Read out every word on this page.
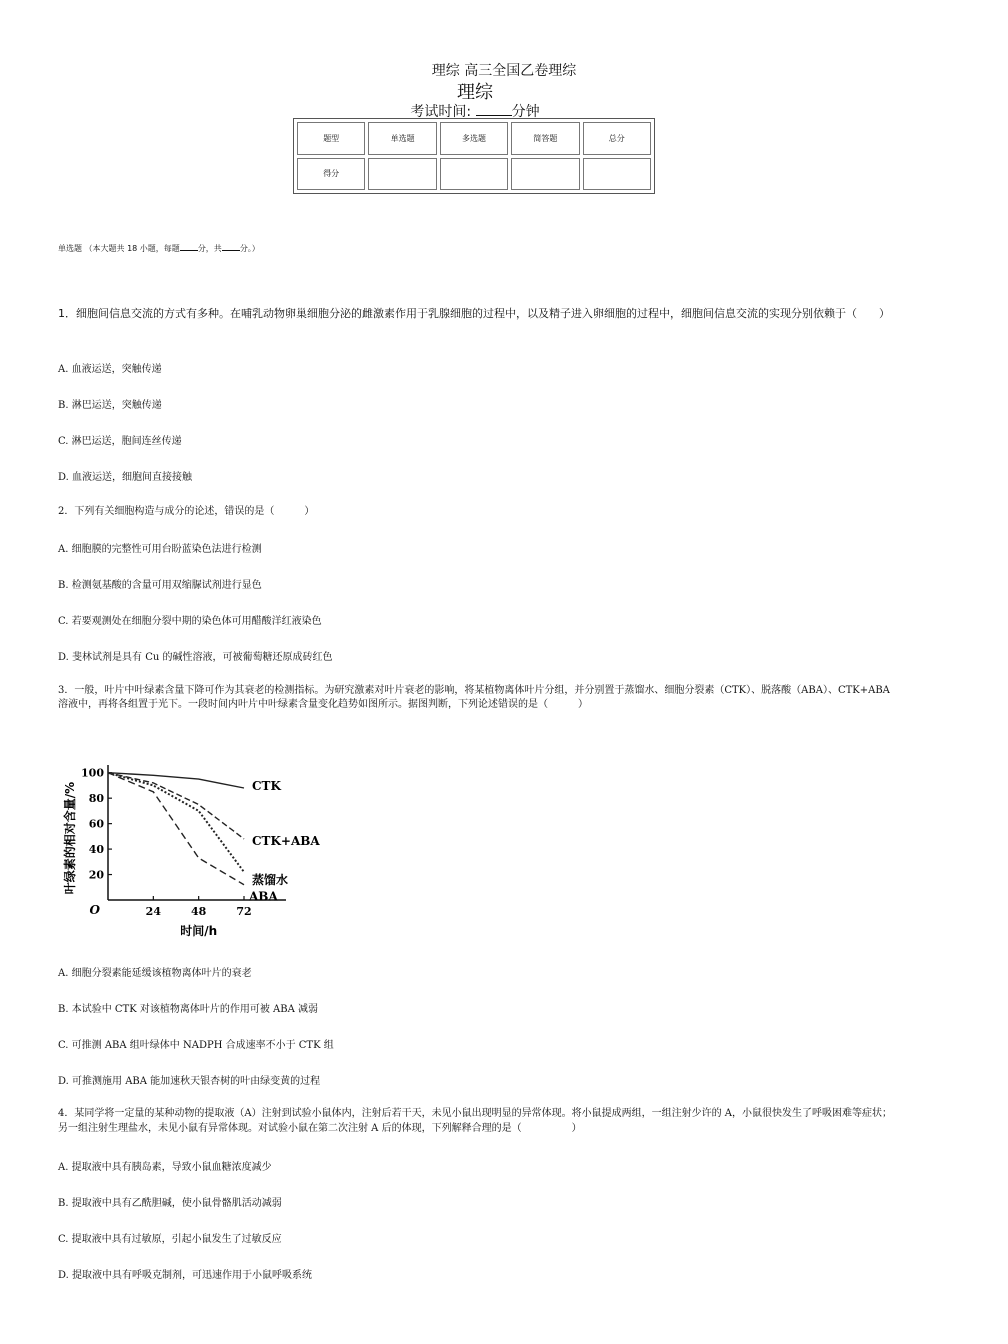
理综 高三全国乙卷理综
理综
考试时间:	分钟
题型	单选题	多选题	简答题	总分
得分				
单选题 （本大题共 18 小题，每题 分，共 分。）
1．细胞间信息交流的方式有多种。在哺乳动物卵巢细胞分泌的雌激素作用于乳腺细胞的过程中，以及精子进入卵细胞的过程中，细胞间信息交流的实现分别依赖于（　　）
A. 血液运送，突触传递
B. 淋巴运送，突触传递
C. 淋巴运送，胞间连丝传递
D. 血液运送，细胞间直接接触
2．下列有关细胞构造与成分的论述，错误的是（　　　）
A. 细胞膜的完整性可用台盼蓝染色法进行检测
B. 检测氨基酸的含量可用双缩脲试剂进行显色
C. 若要观测处在细胞分裂中期的染色体可用醋酸洋红液染色
D. 斐林试剂是具有 Cu 的碱性溶液，可被葡萄糖还原成砖红色
3．一般，叶片中叶绿素含量下降可作为其衰老的检测指标。为研究激素对叶片衰老的影响，将某植物离体叶片分组，并分别置于蒸馏水、细胞分裂素（CTK）、脱落酸（ABA）、CTK+ABA 溶液中，再将各组置于光下。一段时间内叶片中叶绿素含量变化趋势如图所示。据图判断，下列论述错误的是（　　　）
20
40
60
80
100
24	48	72
O
时间/h
叶绿素的相对含量/%	CTK
CTK+ABA
蒸馏水
ABA
A. 细胞分裂素能延缓该植物离体叶片的衰老
B. 本试验中 CTK 对该植物离体叶片的作用可被 ABA 减弱
C. 可推测 ABA 组叶绿体中 NADPH 合成速率不小于 CTK 组
D. 可推测施用 ABA 能加速秋天银杏树的叶由绿变黄的过程
4．某同学将一定量的某种动物的提取液（A）注射到试验小鼠体内，注射后若干天，未见小鼠出现明显的异常体现。将小鼠提成两组，一组注射少许的 A，小鼠很快发生了呼吸困难等症状；另一组注射生理盐水，未见小鼠有异常体现。对试验小鼠在第二次注射 A 后的体现，下列解释合理的是（　　　　　）
A. 提取液中具有胰岛素，导致小鼠血糖浓度减少
B. 提取液中具有乙酰胆碱，使小鼠骨骼肌活动减弱
C. 提取液中具有过敏原，引起小鼠发生了过敏反应
D. 提取液中具有呼吸克制剂，可迅速作用于小鼠呼吸系统
